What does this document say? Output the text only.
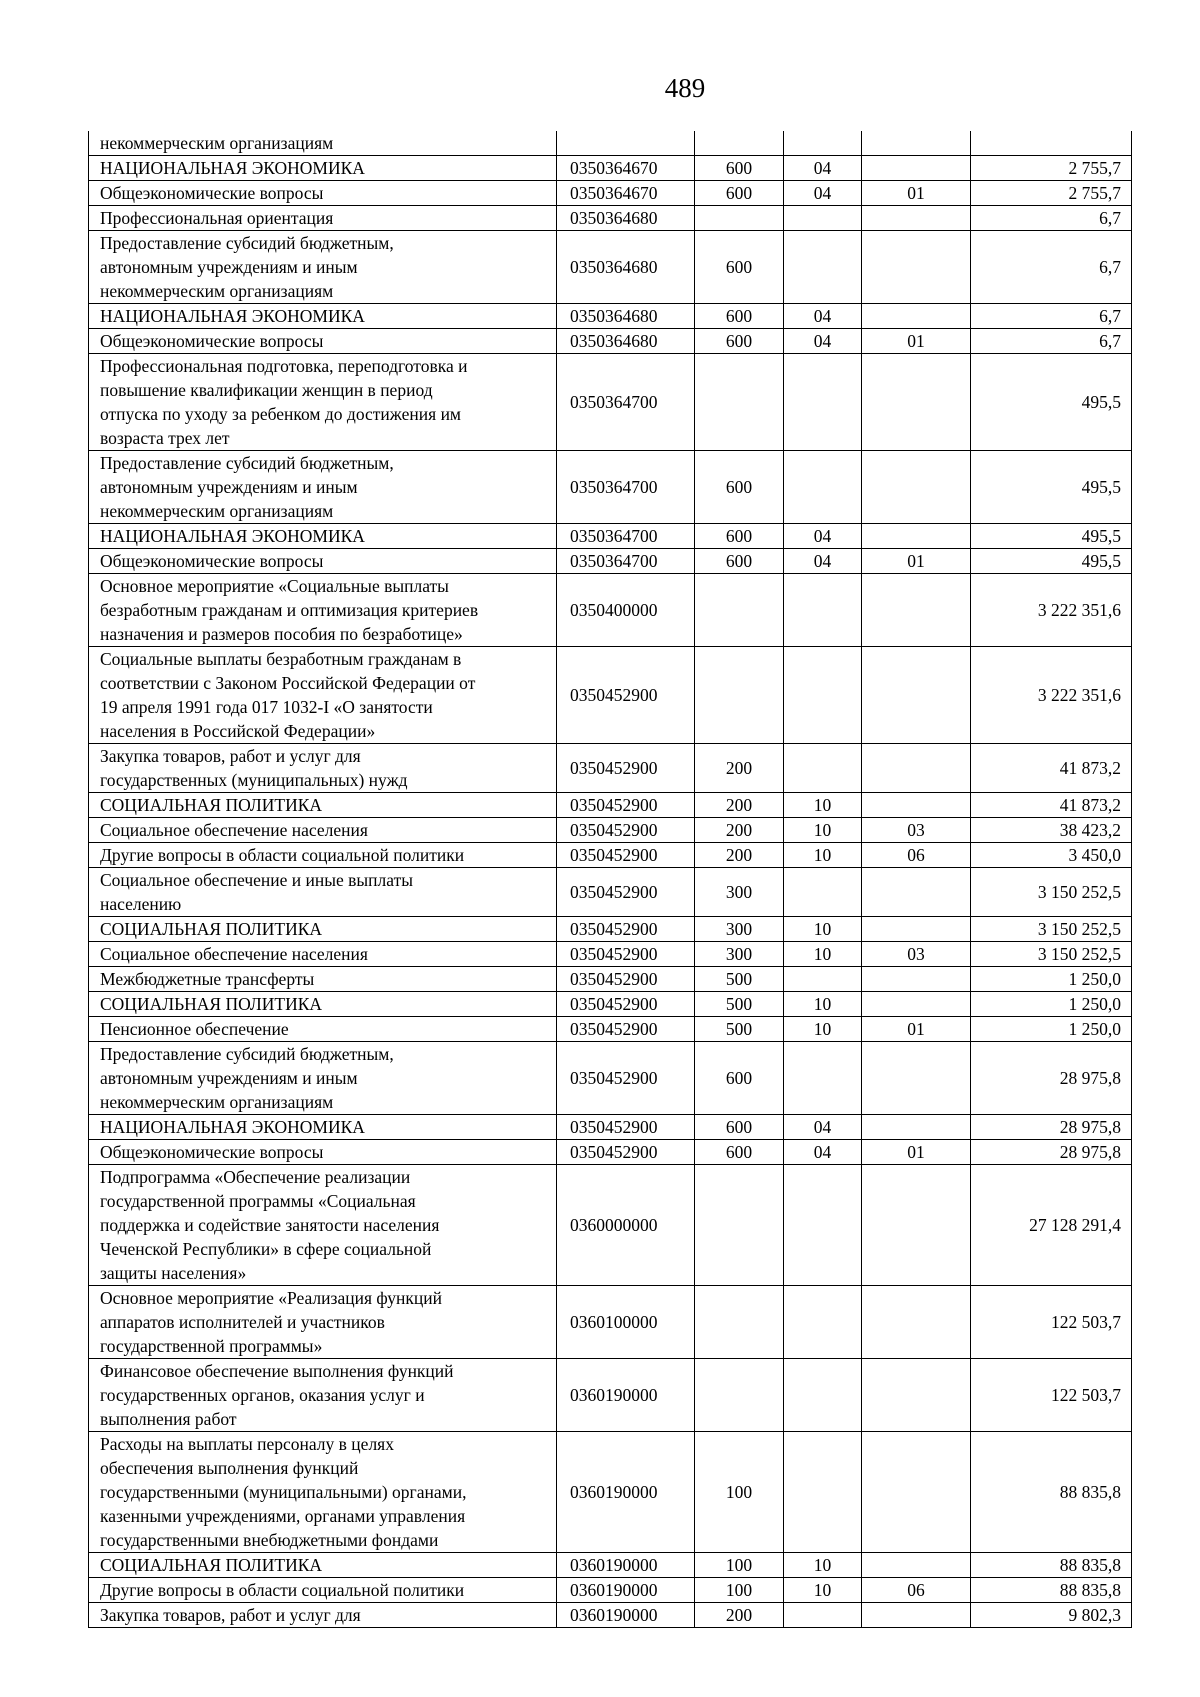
489
некоммерческим организациям					
НАЦИОНАЛЬНАЯ ЭКОНОМИКА	0350364670	600	04		2 755,7
Общеэкономические вопросы	0350364670	600	04	01	2 755,7
Профессиональная ориентация	0350364680				6,7
Предоставление субсидий бюджетным,
автономным учреждениям и иным
некоммерческим организациям	0350364680	600			6,7
НАЦИОНАЛЬНАЯ ЭКОНОМИКА	0350364680	600	04		6,7
Общеэкономические вопросы	0350364680	600	04	01	6,7
Профессиональная подготовка, переподготовка и
повышение квалификации женщин в период
отпуска по уходу за ребенком до достижения им
возраста трех лет	0350364700				495,5
Предоставление субсидий бюджетным,
автономным учреждениям и иным
некоммерческим организациям	0350364700	600			495,5
НАЦИОНАЛЬНАЯ ЭКОНОМИКА	0350364700	600	04		495,5
Общеэкономические вопросы	0350364700	600	04	01	495,5
Основное мероприятие «Социальные выплаты
безработным гражданам и оптимизация критериев
назначения и размеров пособия по безработице»	0350400000				3 222 351,6
Социальные выплаты безработным гражданам в
соответствии с Законом Российской Федерации от
19 апреля 1991 года 017 1032-I «О занятости
населения в Российской Федерации»	0350452900				3 222 351,6
Закупка товаров, работ и услуг для
государственных (муниципальных) нужд	0350452900	200			41 873,2
СОЦИАЛЬНАЯ ПОЛИТИКА	0350452900	200	10		41 873,2
Социальное обеспечение населения	0350452900	200	10	03	38 423,2
Другие вопросы в области социальной политики	0350452900	200	10	06	3 450,0
Социальное обеспечение и иные выплаты
населению	0350452900	300			3 150 252,5
СОЦИАЛЬНАЯ ПОЛИТИКА	0350452900	300	10		3 150 252,5
Социальное обеспечение населения	0350452900	300	10	03	3 150 252,5
Межбюджетные трансферты	0350452900	500			1 250,0
СОЦИАЛЬНАЯ ПОЛИТИКА	0350452900	500	10		1 250,0
Пенсионное обеспечение	0350452900	500	10	01	1 250,0
Предоставление субсидий бюджетным,
автономным учреждениям и иным
некоммерческим организациям	0350452900	600			28 975,8
НАЦИОНАЛЬНАЯ ЭКОНОМИКА	0350452900	600	04		28 975,8
Общеэкономические вопросы	0350452900	600	04	01	28 975,8
Подпрограмма «Обеспечение реализации
государственной программы «Социальная
поддержка и содействие занятости населения
Чеченской Республики» в сфере социальной
защиты населения»	0360000000				27 128 291,4
Основное мероприятие «Реализация функций
аппаратов исполнителей и участников
государственной программы»	0360100000				122 503,7
Финансовое обеспечение выполнения функций
государственных органов, оказания услуг и
выполнения работ	0360190000				122 503,7
Расходы на выплаты персоналу в целях
обеспечения выполнения функций
государственными (муниципальными) органами,
казенными учреждениями, органами управления
государственными внебюджетными фондами	0360190000	100			88 835,8
СОЦИАЛЬНАЯ ПОЛИТИКА	0360190000	100	10		88 835,8
Другие вопросы в области социальной политики	0360190000	100	10	06	88 835,8
Закупка товаров, работ и услуг для	0360190000	200			9 802,3
